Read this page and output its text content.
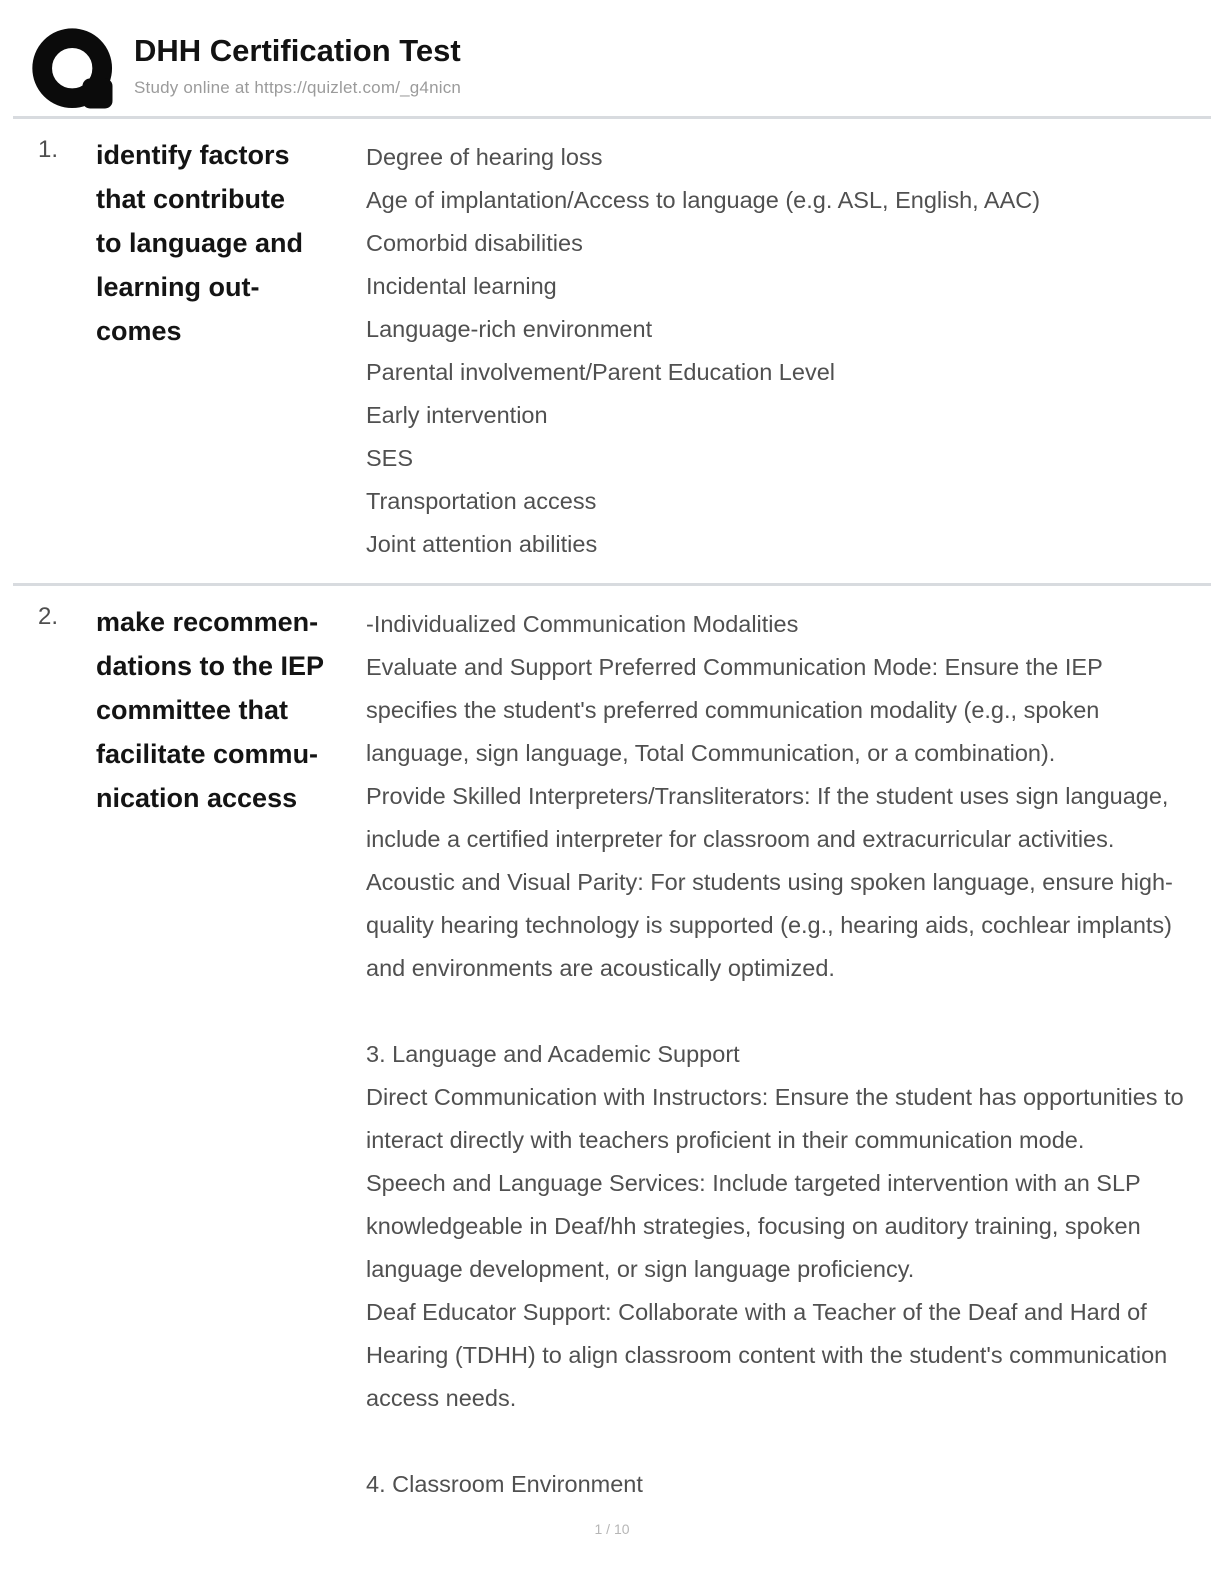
DHH Certification Test
Study online at https://quizlet.com/_g4nicn
1.	identify factors
that contribute
to language and
learning out-
comes
Degree of hearing loss
Age of implantation/Access to language (e.g. ASL, English, AAC)
Comorbid disabilities
Incidental learning
Language-rich environment
Parental involvement/Parent Education Level
Early intervention
SES
Transportation access
Joint attention abilities
2.	make recommen-
dations to the IEP
committee that
facilitate commu-
nication access
-Individualized Communication Modalities
Evaluate and Support Preferred Communication Mode: Ensure the IEP specifies the student's preferred communication modality (e.g., spoken language, sign language, Total Communication, or a combination).
Provide Skilled Interpreters/Transliterators: If the student uses sign language, include a certified interpreter for classroom and extracurricular activities.
Acoustic and Visual Parity: For students using spoken language, ensure high-quality hearing technology is supported (e.g., hearing aids, cochlear implants) and environments are acoustically optimized.
3. Language and Academic Support
Direct Communication with Instructors: Ensure the student has opportunities to interact directly with teachers proficient in their communication mode.
Speech and Language Services: Include targeted intervention with an SLP knowledgeable in Deaf/hh strategies, focusing on auditory training, spoken language development, or sign language proficiency.
Deaf Educator Support: Collaborate with a Teacher of the Deaf and Hard of Hearing (TDHH) to align classroom content with the student's communication access needs.
4. Classroom Environment
1 / 10
